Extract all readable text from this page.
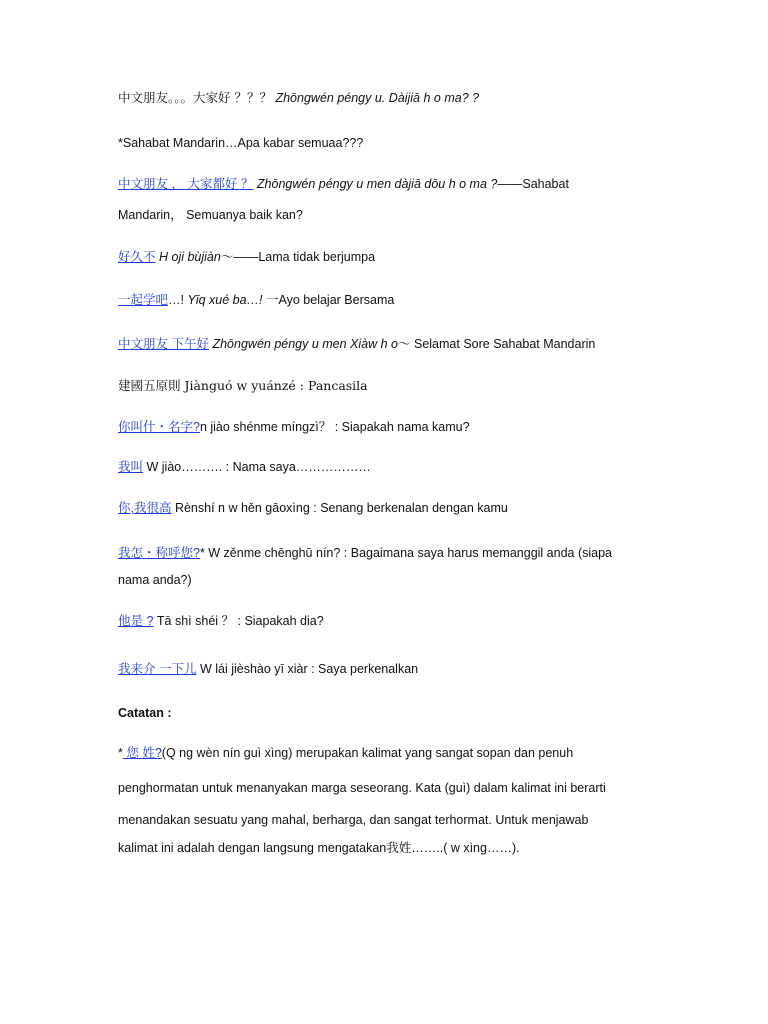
中文朋友。。。大家好 ？？？ Zhōngwén péngy u. Dàijiā h o ma? ?
*Sahabat Mandarin…Apa kabar semuaa???
中文朋友 ， 大家都好 ？ Zhōngwén péngy u men dàjiā dōu h o ma ?——Sahabat
Mandarin， Semuanya baik kan?
好久不 H oji bùjiàn～——Lama tidak berjumpa
一起学吧…! Yīq xué ba…! 一Ayo belajar Bersama
中文朋友 下午好 Zhōngwén péngy u men Xiàw h o～ Selamat Sore Sahabat Mandarin
建國五原則 Jiànguó w yuánzé : Pancasila
你叫什・名字?n jiào shénme míngzì？ : Siapakah nama kamu?
我叫 W jiào………. : Nama saya………………
你,我很高 Rènshí n w hěn gāoxìng : Senang berkenalan dengan kamu
我怎・称呼您?* W zěnme chēnghū nín? : Bagaimana saya harus memanggil anda (siapa
nama anda?)
他是 ? Tā shì shéi ？ : Siapakah dia?
我来介 一下儿 W lái jièshào yī xiàr : Saya perkenalkan
Catatan :
* 您 姓?(Q ng wèn nín guì xìng) merupakan kalimat yang sangat sopan dan penuh
penghormatan untuk menanyakan marga seseorang. Kata (guì) dalam kalimat ini berarti
menandakan sesuatu yang mahal, berharga, dan sangat terhormat. Untuk menjawab
kalimat ini adalah dengan langsung mengatakan我姓……..( w xìng……).
